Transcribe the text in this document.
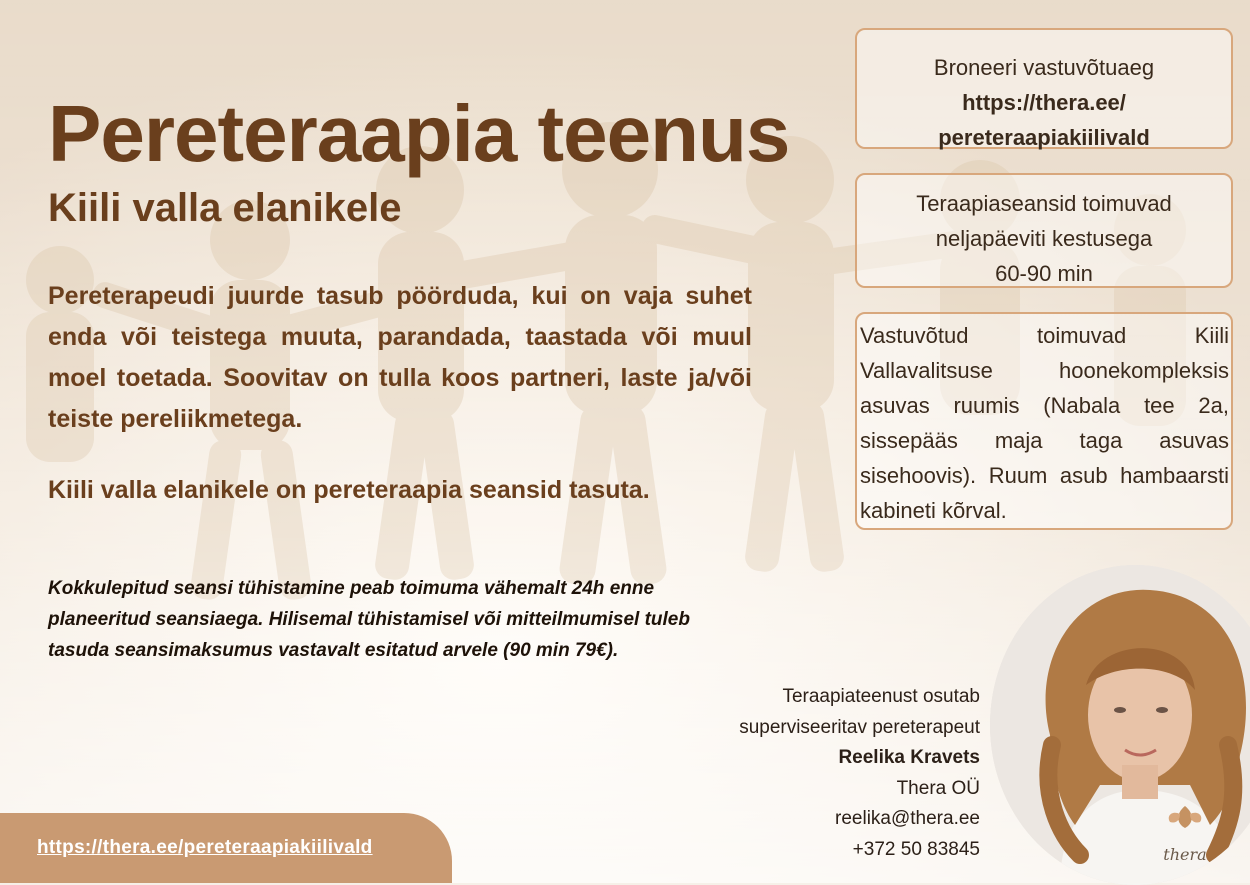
Pereteraapia teenus
Kiili valla elanikele

Pereterapeudi juurde tasub pöörduda, kui on vaja suhet enda või teistega muuta, parandada, taastada või muul moel toetada. Soovitav on tulla koos partneri, laste ja/või teiste pereliikmetega.

Kiili valla elanikele on pereteraapia seansid tasuta.

Kokkulepitud seansi tühistamine peab toimuma vähemalt 24h enne planeeritud seansiaega. Hilisemal tühistamisel või mitteilmumisel tuleb tasuda seansimaksumus vastavalt esitatud arvele (90 min 79€).

Broneeri vastuvõtuaeg
https://thera.ee/
pereteraapiakiilivald
Teraapiaseansid toimuvad
neljapäeviti kestusega
60-90 min
Vastuvõtud toimuvad Kiili Vallavalitsuse hoonekompleksis asuvas ruumis (Nabala tee 2a, sissepääs maja taga asuvas sisehoovis). Ruum asub hambaarsti kabineti kõrval.
Teraapiateenust osutab
superviseeritav pereterapeut
Reelika Kravets
Thera OÜ
reelika@thera.ee
+372 50 83845	thera
https://thera.ee/pereteraapiakiilivald
